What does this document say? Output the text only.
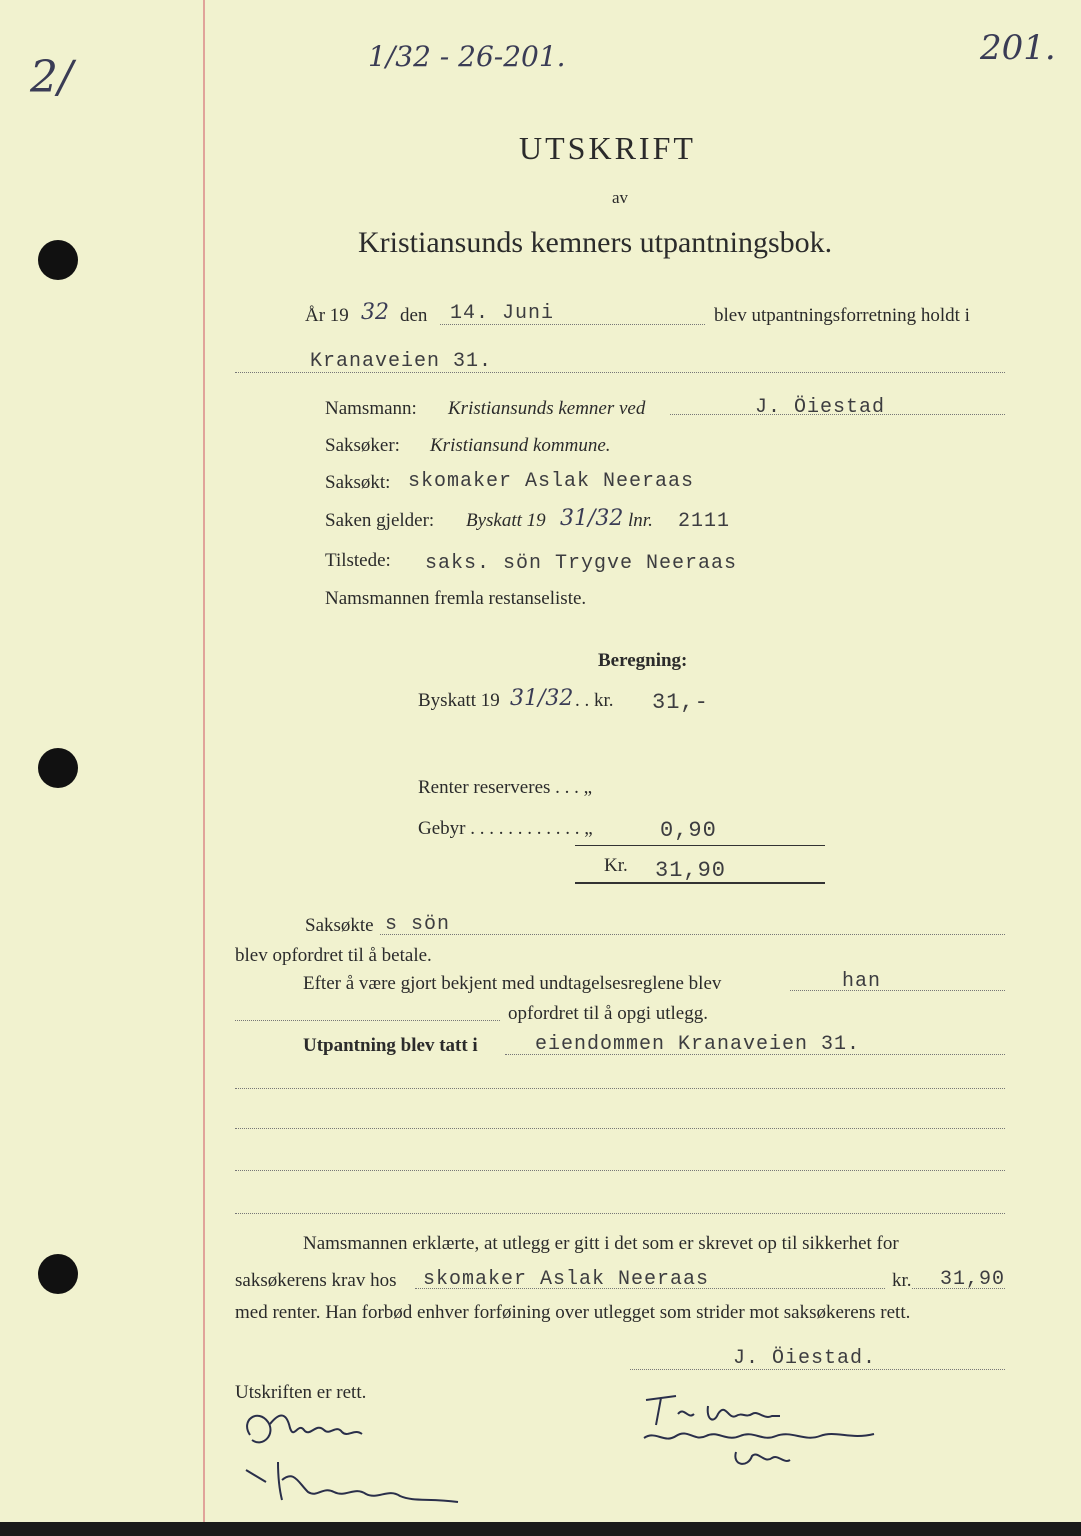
2/	1/32 - 26-201.	201.
UTSKRIFT
av
Kristiansunds kemners utpantningsbok.
År 19 32 den 14. Juni	blev utpantningsforretning holdt i
Kranaveien 31.
Namsmann: Kristiansunds kemner ved	J. Öiestad
Saksøker: Kristiansund kommune.
Saksøkt: skomaker Aslak Neeraas
Saken gjelder: Byskatt 19 31/32 lnr. 2111
Tilstede: saks. sön Trygve Neeraas
Namsmannen fremla restanseliste.
Beregning:
Byskatt 19 31/32 . . kr. 31,-
Renter reserveres . . . „
Gebyr . . . . . . . . . . . . „	0,90
Kr. 31,90
Saksøkte s sön
blev opfordret til å betale.
Efter å være gjort bekjent med undtagelsesreglene blev	han
opfordret til å opgi utlegg.
Utpantning blev tatt i	eiendommen Kranaveien 31.
Namsmannen erklærte, at utlegg er gitt i det som er skrevet op til sikkerhet for
saksøkerens krav hos skomaker Aslak Neeraas	kr. 31,90
med renter. Han forbød enhver forføining over utlegget som strider mot saksøkerens rett.
J. Öiestad.
Utskriften er rett.
